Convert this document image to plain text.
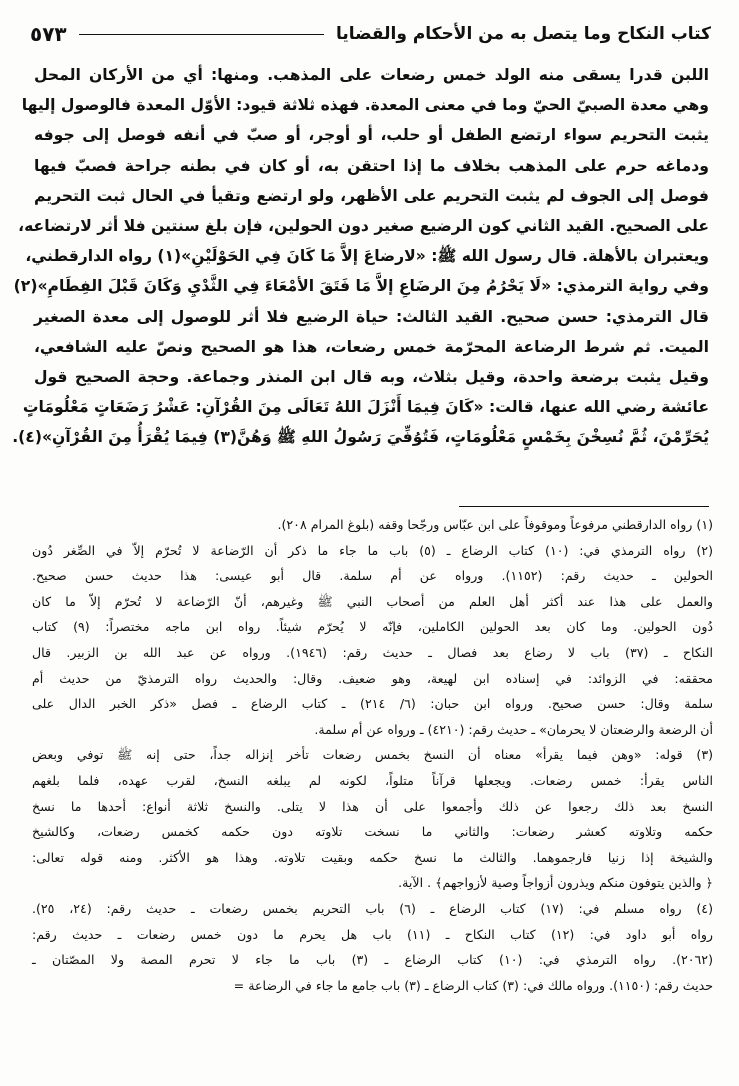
كتاب النكاح وما يتصل به من الأحكام والقضايا
٥٧٣
اللبن قدرا يسقى منه الولد خمس رضعات على المذهب. ومنها: أي من الأركان المحل
وهي معدة الصبيّ الحيّ وما في معنى المعدة. فهذه ثلاثة قيود: الأوّل المعدة فالوصول إليها
يثبت التحريم سواء ارتضع الطفل أو حلب، أو أوجر، أو صبّ في أنفه فوصل إلى جوفه
ودماغه حرم على المذهب بخلاف ما إذا احتقن به، أو كان في بطنه جراحة فصبّ فيها
فوصل إلى الجوف لم يثبت التحريم على الأظهر، ولو ارتضع وتقيأ في الحال ثبت التحريم
على الصحيح. القيد الثاني كون الرضيع صغير دون الحولين، فإن بلغ سنتين فلا أثر لارتضاعه،
ويعتبران بالأهلة. قال رسول الله ﷺ: «لارضاعَ إلاَّ مَا كَانَ فِي الحَوْلَيْنِ»(١) رواه الدارقطني،
وفي رواية الترمذي: «لَا يَحْرُمُ مِنَ الرضَاعِ إلاَّ مَا فَتَقَ الأمْعَاءَ فِي الثَّدْيِ وَكَانَ قَبْلَ الفِطَامِ»(٢)
قال الترمذي: حسن صحيح. القيد الثالث: حياة الرضيع فلا أثر للوصول إلى معدة الصغير
الميت. ثم شرط الرضاعة المحرّمة خمس رضعات، هذا هو الصحيح ونصّ عليه الشافعي،
وقيل يثبت برضعة واحدة، وقيل بثلاث، وبه قال ابن المنذر وجماعة. وحجة الصحيح قول
عائشة رضي الله عنها، قالت: «كَانَ فِيمَا أَنْزَلَ اللهُ تَعَالَى مِنَ القُرْآنِ: عَشْرُ رَضَعَاتٍ مَعْلُومَاتٍ
يُحَرِّمْنَ، ثُمَّ نُسِخْنَ بِخَمْسٍ مَعْلُومَاتٍ، فَتُوُفِّيَ رَسُولُ اللهِ ﷺ وَهُنَّ(٣) فِيمَا يُقْرَأُ مِنَ القُرْآنِ»(٤).
(١) رواه الدارقطني مرفوعاً وموقوفاً على ابن عبّاس ورجّحا وقفه (بلوغ المرام ٢٠٨).
(٢) رواه الترمذي في: (١٠) كتاب الرضاع ـ (٥) باب ما جاء ما ذكر أن الرّضاعة لا تُحرّم إلاّ في الصِّغر دُون
الحولين ـ حديث رقم: (١١٥٢). ورواه عن أم سلمة. قال أبو عيسى: هذا حديث حسن صحيح.
والعمل على هذا عند أكثر أهل العلم من أصحاب النبي ﷺ وغيرهم، أنّ الرّضاعة لا تُحرّم إلاّ ما كان
دُون الحولين. وما كان بعد الحولين الكاملين، فإنّه لا يُحرّم شيئاً. رواه ابن ماجه مختصراً: (٩) كتاب
النكاح ـ (٣٧) باب لا رضاع بعد فصال ـ حديث رقم: (١٩٤٦). ورواه عن عبد الله بن الزبير. قال
محققه: في الزوائد: في إسناده ابن لهيعة، وهو ضعيف. وقال: والحديث رواه الترمذيّ من حديث أم
سلمة وقال: حسن صحيح. ورواه ابن حبان: (٦/ ٢١٤) ـ كتاب الرضاع ـ فصل «ذكر الخبر الدال على
أن الرضعة والرضعتان لا يحرمان» ـ حديث رقم: (٤٢١٠) ـ ورواه عن أم سلمة.
(٣) قوله: «وهن فيما يقرأ» معناه أن النسخ بخمس رضعات تأخر إنزاله جداً، حتى إنه ﷺ توفي وبعض
الناس يقرأ: خمس رضعات. ويجعلها قرآناً متلواً، لكونه لم يبلغه النسخ، لقرب عهده، فلما بلغهم
النسخ بعد ذلك رجعوا عن ذلك وأجمعوا على أن هذا لا يتلى. والنسخ ثلاثة أنواع: أحدها ما نسخ
حكمه وتلاوته كعشر رضعات: والثاني ما نسخت تلاوته دون حكمه كخمس رضعات، وكالشيخ
والشيخة إذا زنيا فارجموهما. والثالث ما نسخ حكمه وبقيت تلاوته. وهذا هو الأكثر. ومنه قوله تعالى:
﴿ والذين يتوفون منكم ويذرون أزواجاً وصية لأزواجهم﴾ . الآية.
(٤) رواه مسلم في: (١٧) كتاب الرضاع ـ (٦) باب التحريم بخمس رضعات ـ حديث رقم: (٢٤، ٢٥).
رواه أبو داود في: (١٢) كتاب النكاح ـ (١١) باب هل يحرم ما دون خمس رضعات ـ حديث رقم:
(٢٠٦٢). رواه الترمذي في: (١٠) كتاب الرضاع ـ (٣) باب ما جاء لا تحرم المصة ولا المصّتان ـ
حديث رقم: (١١٥٠). ورواه مالك في: (٣) كتاب الرضاع ـ (٣) باب جامع ما جاء في الرضاعة =
